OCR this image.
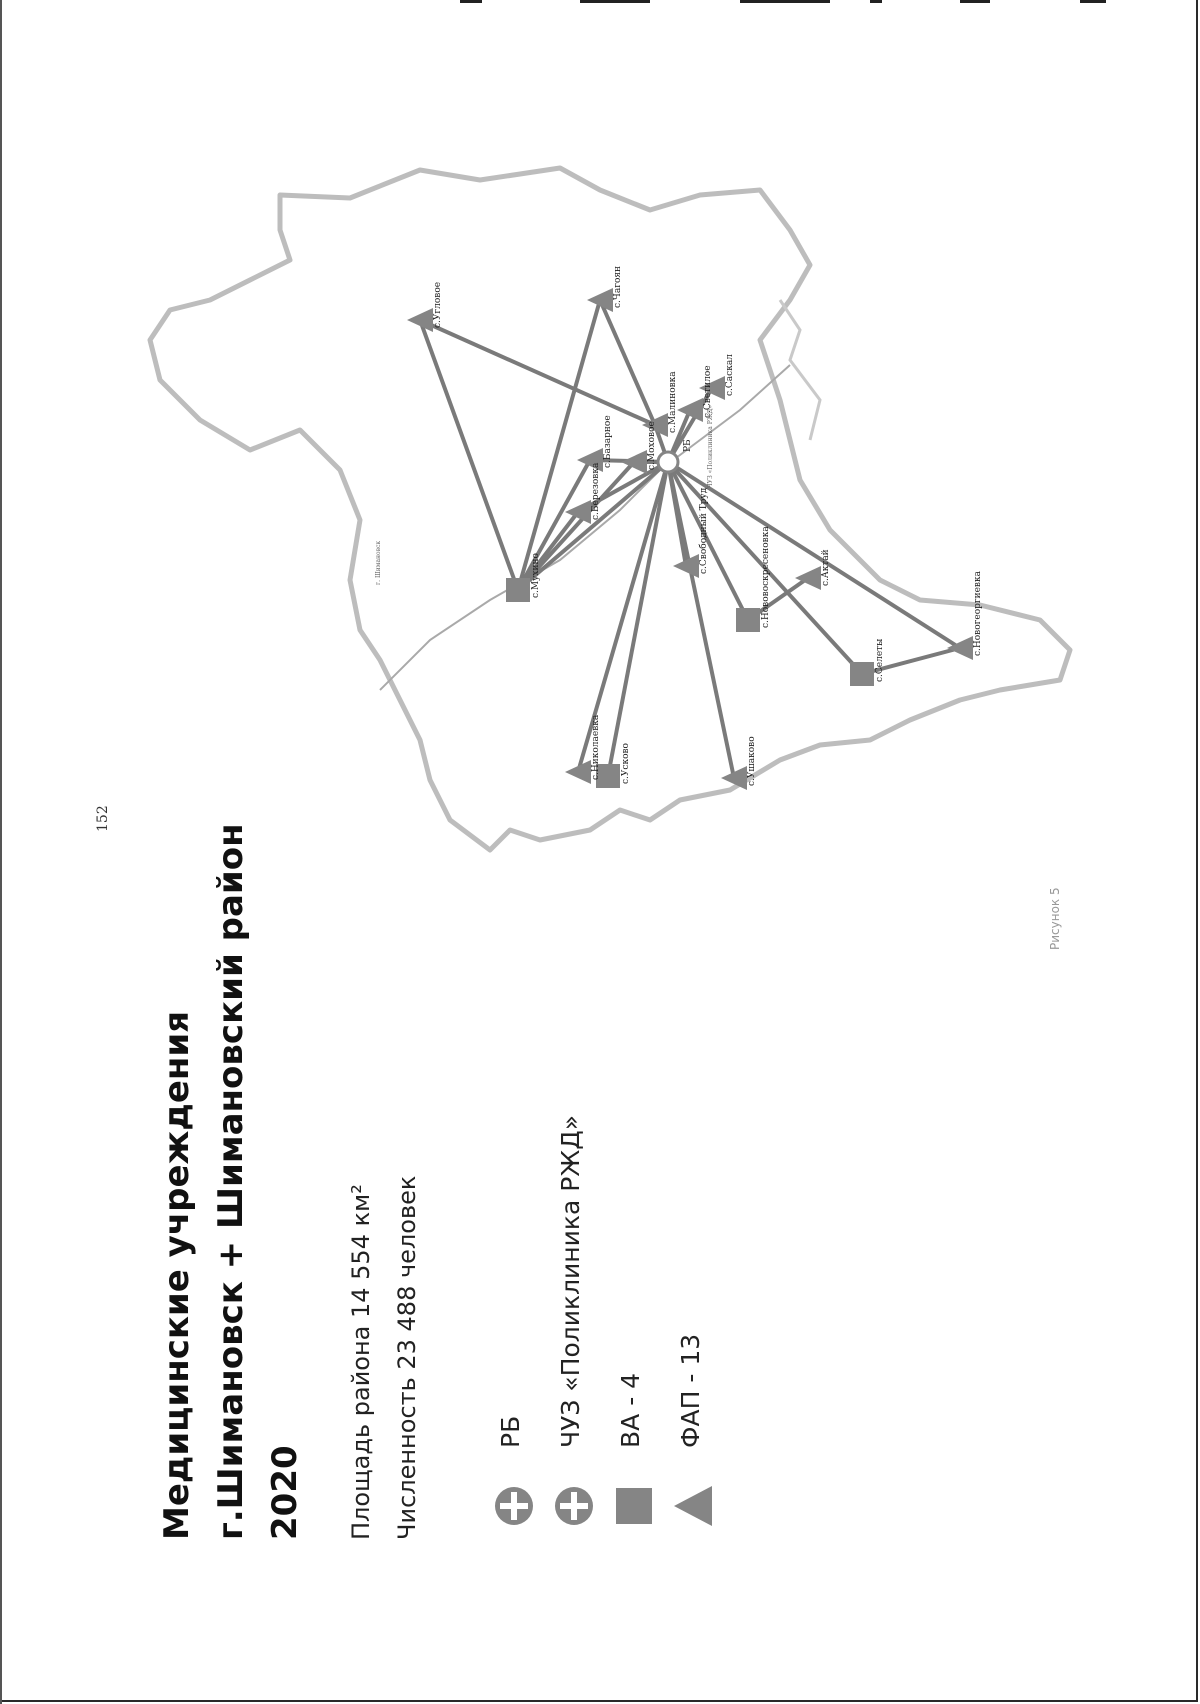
152
с.Угловое	с.Чагоян
с.Малиновка	с.Светилое с.Саскал
с.Березовка
с.Базарное	с.Моховое
с.Мухино
с.Свободный Труд	с.Нововоскресеновка	с.Актай
с.Селеты
с.Новогеоргиевка
с.Николаевка с.Усково	с.Ушаково
РБ ЧУЗ «Поликлиника РЖД»
г. Шимановск
Медицинские учреждения г.Шимановск + Шимановский район 2020	Площадь района 14 554 км² Численность 23 488 человек	РБ ЧУЗ «Поликлиника РЖД» ВА - 4 ФАП - 13
Рисунок 5
